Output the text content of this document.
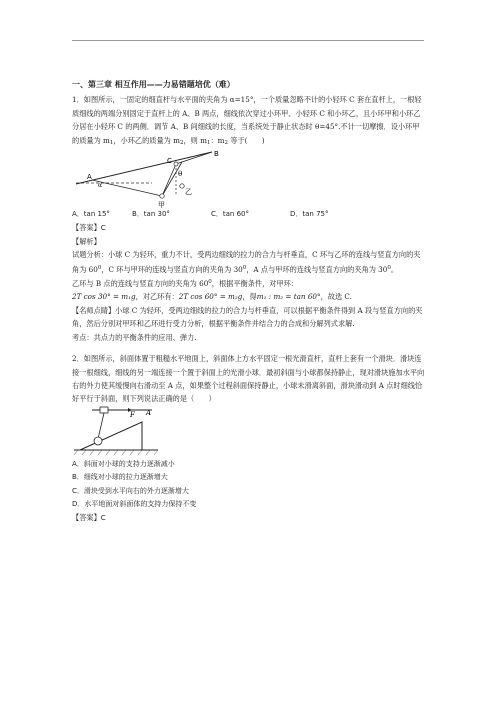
一、第三章 相互作用——力易错题培优（难）

1．如图所示，一固定的细直杆与水平面的夹角为 α=15°，一个质量忽略不计的小轻环 C 套在直杆上，一根轻质细线的两端分别固定于直杆上的 A、B 两点，细线依次穿过小环甲、小轻环 C 和小环乙，且小环甲和小环乙分居在小轻环 C 的两侧．调节 A、B 间细线的长度，当系统处于静止状态时 θ=45°.不计一切摩擦．设小环甲的质量为 m1，小环乙的质量为 m2，则 m1：m2 等于(　　)

B
C
θ
A
α
甲
乙
A．tan 15°	B．tan 30°	C．tan 60°	D．tan 75°

【答案】C

【解析】

试题分析：小球 C 为轻环，重力不计，受两边细线的拉力的合力与杆垂直，C 环与乙环的连线与竖直方向的夹角为 $60^0$，C 环与甲环的连线与竖直方向的夹角为 $30^0$，A 点与甲环的连线与竖直方向的夹角为 $30^0$。

乙环与 B 点的连线与竖直方向的夹角为 $60^0$，根据平衡条件，对甲环：

2T cos 30° = m₁g，对乙环有：2T cos 60° = m₂g，得m₁ : m₂ = tan 60°，故选 C.

【名师点睛】小球 C 为轻环，受两边细线的拉力的合力与杆垂直，可以根据平衡条件得到 A 段与竖直方向的夹角，然后分别对甲环和乙环进行受力分析，根据平衡条件并结合力的合成和分解列式求解.

考点：共点力的平衡条件的应用、弹力.

2．如图所示，斜面体置于粗糙水平地面上，斜面体上方水平固定一根光滑直杆，直杆上套有一个滑块．滑块连接一根细线，细线的另一端连接一个置于斜面上的光滑小球．最初斜面与小球都保持静止，现对滑块施加水平向右的外力使其缓慢向右滑动至 A 点，如果整个过程斜面保持静止，小球未滑离斜面，滑块滑动到 A 点时细线恰好平行于斜面，则下列说法正确的是（　　）

F A

A．斜面对小球的支持力逐渐减小

B．细线对小球的拉力逐渐增大

C．滑块受到水平向右的外力逐渐增大

D．水平地面对斜面体的支持力保持不变

【答案】C
